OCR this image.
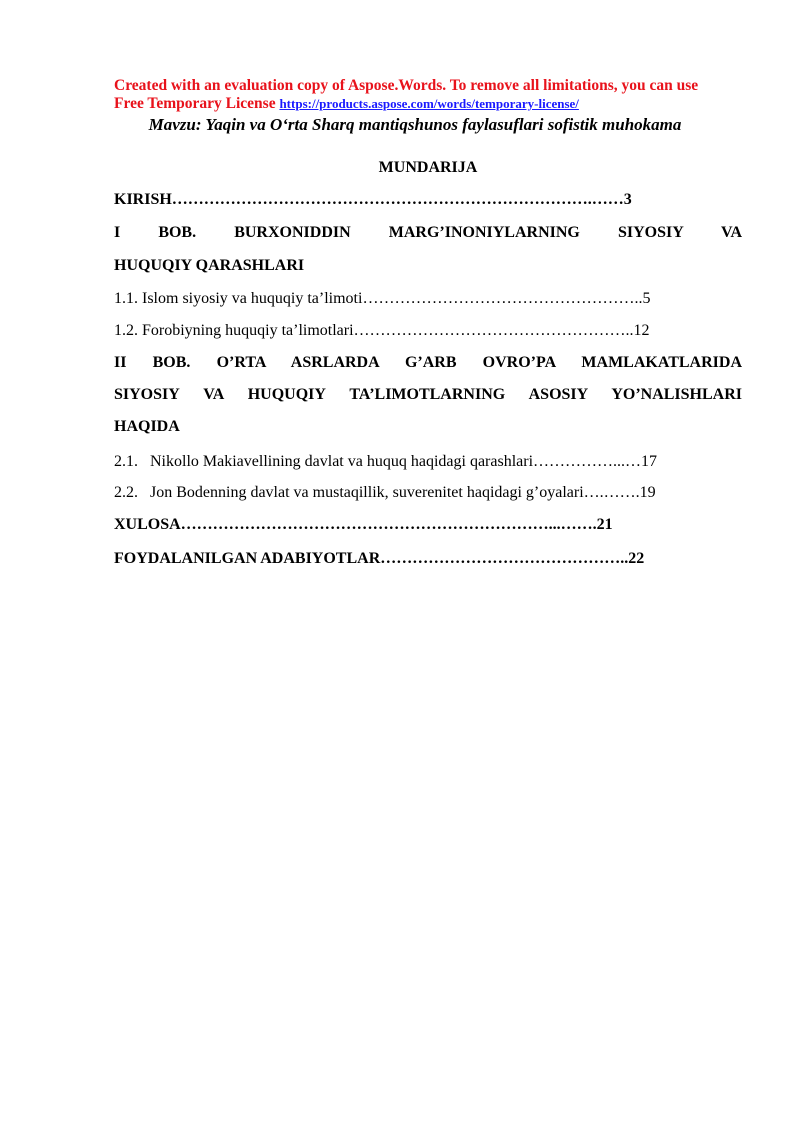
Created with an evaluation copy of Aspose.Words. To remove all limitations, you can use
Free Temporary License https://products.aspose.com/words/temporary-license/
Mavzu: Yaqin va O‘rta Sharq mantiqshunos faylasuflari sofistik muhokama
MUNDARIJA
KIRISH…………………………………………………………………….……3
I BOB. BURXONIDDIN MARG’INONIYLARNING SIYOSIY VA
HUQUQIY QARASHLARI
1.1. Islom siyosiy va huquqiy ta’limoti……………………………………………..5
1.2. Forobiyning huquqiy ta’limotlari……………………………………………..12
II BOB. O’RTA ASRLARDA G’ARB OVRO’PA MAMLAKATLARIDA
SIYOSIY VA HUQUQIY TA’LIMOTLARNING ASOSIY YO’NALISHLARI
HAQIDA
2.1. Nikollo Makiavellining davlat va huquq haqidagi qarashlari……………...…17
2.2. Jon Bodenning davlat va mustaqillik, suverenitet haqidagi g’oyalari….…….19
XULOSA……………………………………………………………...…….21
FOYDALANILGAN ADABIYOTLAR………………………………………..22
